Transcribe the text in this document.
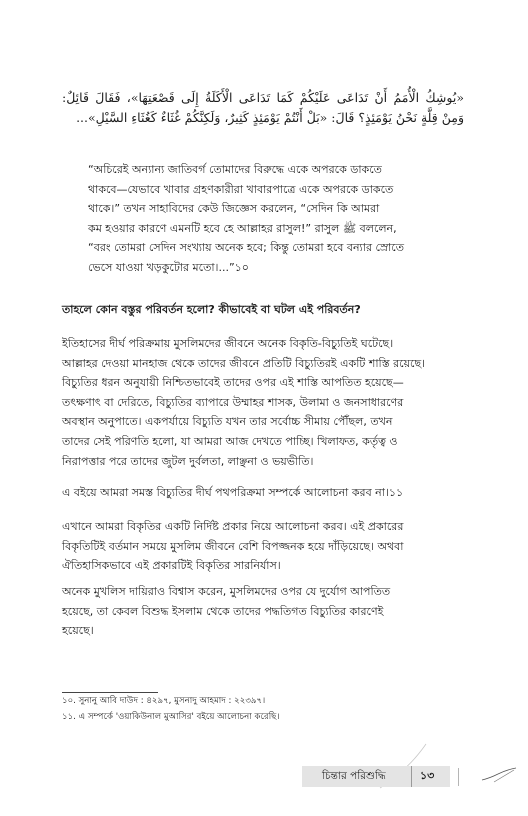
«يُوشِكُ الْأُمَمُ أَنْ تَدَاعَى عَلَيْكُمْ كَمَا تَدَاعَى الْأَكَلَةُ إِلَى قَصْعَتِهَا»، فَقَالَ قَائِلٌ: وَمِنْ قِلَّةٍ نَحْنُ يَوْمَئِذٍ؟ قَالَ: «بَلْ أَنْتُمْ يَوْمَئِذٍ كَثِيرٌ، وَلَكِنَّكُمْ غُثَاءٌ كَغُثَاءِ السَّيْلِ»...
“অচিরেই অন্যান্য জাতিবর্গ তোমাদের বিরুদ্ধে একে অপরকে ডাকতে
থাকবে—যেভাবে খাবার গ্রহণকারীরা খাবারপাত্রে একে অপরকে ডাকতে
থাকে।” তখন সাহাবিদের কেউ জিজ্ঞেস করলেন, “সেদিন কি আমরা
কম হওয়ার কারণে এমনটি হবে হে আল্লাহর রাসুল!” রাসুল ﷺ বললেন,
“বরং তোমরা সেদিন সংখ্যায় অনেক হবে; কিন্তু তোমরা হবে বন্যার স্রোতে
ভেসে যাওয়া খড়কুটোর মতো।...”১০
তাহলে কোন বস্তুর পরিবর্তন হলো? কীভাবেই বা ঘটল এই পরিবর্তন?
ইতিহাসের দীর্ঘ পরিক্রমায় মুসলিমদের জীবনে অনেক বিকৃতি-বিচ্যুতিই ঘটেছে।
আল্লাহর দেওয়া মানহাজ থেকে তাদের জীবনে প্রতিটি বিচ্যুতিরই একটি শাস্তি রয়েছে।
বিচ্যুতির ধরন অনুযায়ী নিশ্চিতভাবেই তাদের ওপর এই শাস্তি আপতিত হয়েছে—
তৎক্ষণাৎ বা দেরিতে, বিচ্যুতির ব্যাপারে উম্মাহর শাসক, উলামা ও জনসাধারণের
অবস্থান অনুপাতে। একপর্যায়ে বিচ্যুতি যখন তার সর্বোচ্চ সীমায় পৌঁছল, তখন
তাদের সেই পরিণতি হলো, যা আমরা আজ দেখতে পাচ্ছি। খিলাফত, কর্তৃত্ব ও
নিরাপত্তার পরে তাদের জুটল দুর্বলতা, লাঞ্ছনা ও ভয়ভীতি।
এ বইয়ে আমরা সমস্ত বিচ্যুতির দীর্ঘ পথপরিক্রমা সম্পর্কে আলোচনা করব না।১১
এখানে আমরা বিকৃতির একটি নির্দিষ্ট প্রকার নিয়ে আলোচনা করব। এই প্রকারের
বিকৃতিটিই বর্তমান সময়ে মুসলিম জীবনে বেশি বিপজ্জনক হয়ে দাঁড়িয়েছে। অথবা
ঐতিহাসিকভাবে এই প্রকারটিই বিকৃতির সারনির্যাস।
অনেক মুখলিস দায়িরাও বিশ্বাস করেন, মুসলিমদের ওপর যে দুর্যোগ আপতিত
হয়েছে, তা কেবল বিশুদ্ধ ইসলাম থেকে তাদের পদ্ধতিগত বিচ্যুতির কারণেই
হয়েছে।
১০. সুনানু আবি দাউদ : ৪২৯৭, মুসনাদু আহমাদ : ২২৩৯৭।
১১. এ সম্পর্কে 'ওয়াকিউনাল মুআসির' বইয়ে আলোচনা করেছি।
চিন্তার পরিশুদ্ধি	১৩
